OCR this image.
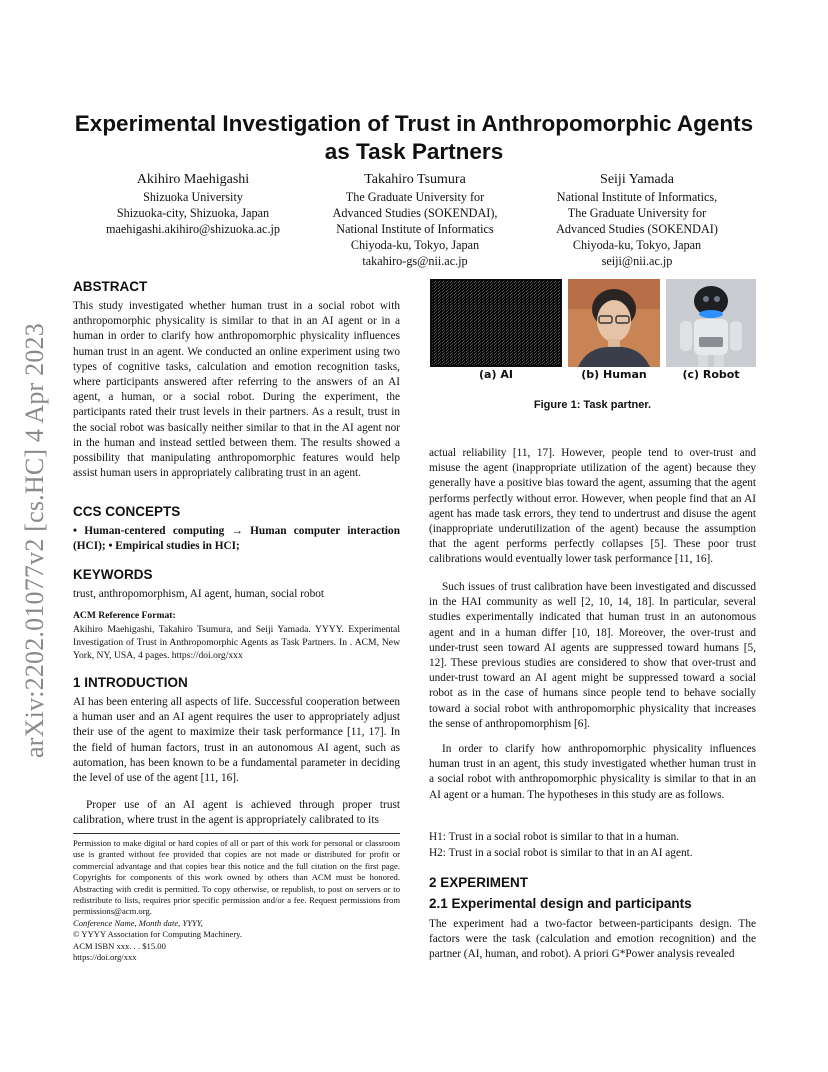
Experimental Investigation of Trust in Anthropomorphic Agents as Task Partners
arXiv:2202.01077v2 [cs.HC] 4 Apr 2023
Akihiro Maehigashi
Shizuoka University
Shizuoka-city, Shizuoka, Japan
maehigashi.akihiro@shizuoka.ac.jp
Takahiro Tsumura
The Graduate University for
Advanced Studies (SOKENDAI),
National Institute of Informatics
Chiyoda-ku, Tokyo, Japan
takahiro-gs@nii.ac.jp
Seiji Yamada
National Institute of Informatics,
The Graduate University for
Advanced Studies (SOKENDAI)
Chiyoda-ku, Tokyo, Japan
seiji@nii.ac.jp
ABSTRACT
This study investigated whether human trust in a social robot with anthropomorphic physicality is similar to that in an AI agent or in a human in order to clarify how anthropomorphic physicality influences human trust in an agent. We conducted an online experiment using two types of cognitive tasks, calculation and emotion recognition tasks, where participants answered after referring to the answers of an AI agent, a human, or a social robot. During the experiment, the participants rated their trust levels in their partners. As a result, trust in the social robot was basically neither similar to that in the AI agent nor in the human and instead settled between them. The results showed a possibility that manipulating anthropomorphic features would help assist human users in appropriately calibrating trust in an agent.
CCS CONCEPTS
• Human-centered computing → Human computer interaction (HCI); • Empirical studies in HCI;
KEYWORDS
trust, anthropomorphism, AI agent, human, social robot
ACM Reference Format:
Akihiro Maehigashi, Takahiro Tsumura, and Seiji Yamada. YYYY. Experimental Investigation of Trust in Anthropomorphic Agents as Task Partners. In . ACM, New York, NY, USA, 4 pages. https://doi.org/xxx
1 INTRODUCTION
AI has been entering all aspects of life. Successful cooperation between a human user and an AI agent requires the user to appropriately adjust their use of the agent to maximize their task performance [11, 17]. In the field of human factors, trust in an autonomous AI agent, such as automation, has been known to be a fundamental parameter in deciding the level of use of the agent [11, 16].
Proper use of an AI agent is achieved through proper trust calibration, where trust in the agent is appropriately calibrated to its
Permission to make digital or hard copies of all or part of this work for personal or classroom use is granted without fee provided that copies are not made or distributed for profit or commercial advantage and that copies bear this notice and the full citation on the first page. Copyrights for components of this work owned by others than ACM must be honored. Abstracting with credit is permitted. To copy otherwise, or republish, to post on servers or to redistribute to lists, requires prior specific permission and/or a fee. Request permissions from permissions@acm.org.
Conference Name, Month date, YYYY,
© YYYY Association for Computing Machinery.
ACM ISBN xxx. . . $15.00
https://doi.org/xxx
(a) AI	(b) Human	(c) Robot
Figure 1: Task partner.
actual reliability [11, 17]. However, people tend to over-trust and misuse the agent (inappropriate utilization of the agent) because they generally have a positive bias toward the agent, assuming that the agent performs perfectly without error. However, when people find that an AI agent has made task errors, they tend to undertrust and disuse the agent (inappropriate underutilization of the agent) because the assumption that the agent performs perfectly collapses [5]. These poor trust calibrations would eventually lower task performance [11, 16].
Such issues of trust calibration have been investigated and discussed in the HAI community as well [2, 10, 14, 18]. In particular, several studies experimentally indicated that human trust in an autonomous agent and in a human differ [10, 18]. Moreover, the over-trust and under-trust seen toward AI agents are suppressed toward humans [5, 12]. These previous studies are considered to show that over-trust and under-trust toward an AI agent might be suppressed toward a social robot as in the case of humans since people tend to behave socially toward a social robot with anthropomorphic physicality that increases the sense of anthropomorphism [6].
In order to clarify how anthropomorphic physicality influences human trust in an agent, this study investigated whether human trust in a social robot with anthropomorphic physicality is similar to that in an AI agent or a human. The hypotheses in this study are as follows.
H1: Trust in a social robot is similar to that in a human.
H2: Trust in a social robot is similar to that in an AI agent.
2 EXPERIMENT
2.1 Experimental design and participants
The experiment had a two-factor between-participants design. The factors were the task (calculation and emotion recognition) and the partner (AI, human, and robot). A priori G*Power analysis revealed
